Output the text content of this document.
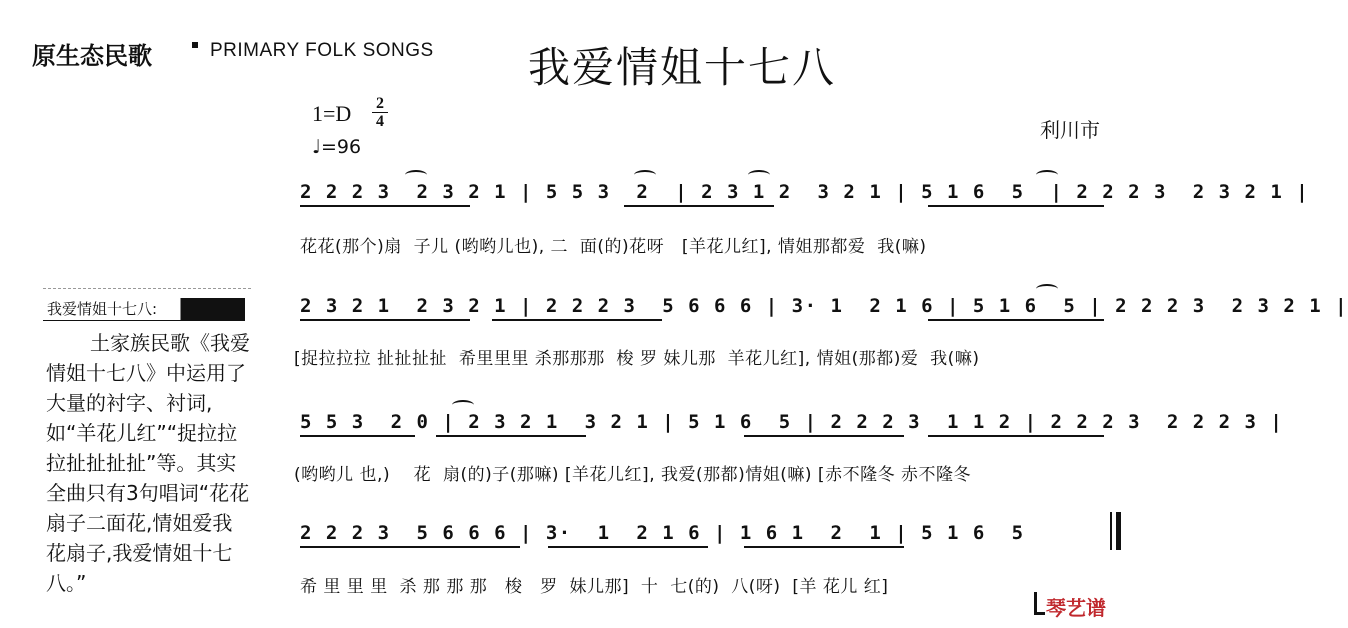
原生态民歌	PRIMARY FOLK SONGS 我爱情姐十七八
1=D 2
4
♩=96
利川市
2 2 2 3  2 3 2 1 | 5 5 3  2  | 2 3 1 2  3 2 1 | 5 1 6  5  | 2 2 2 3  2 3 2 1 |
花花(那个)扇  子儿 (哟哟儿也), 二  面(的)花呀   [羊花儿红], 情姐那都爱  我(嘛)
2 3 2 1  2 3 2 1 | 2 2 2 3  5 6 6 6 | 3· 1  2 1 6 | 5 1 6  5 | 2 2 2 3  2 3 2 1 |
[捉拉拉拉 扯扯扯扯  希里里里 杀那那那  梭 罗 妹儿那  羊花儿红], 情姐(那都)爱  我(嘛)
5 5 3  2 0 | 2 3 2 1  3 2 1 | 5 1 6  5 | 2 2 2 3  1 1 2 | 2 2 2 3  2 2 2 3 |
(哟哟儿 也,)    花  扇(的)子(那嘛) [羊花儿红], 我爱(那都)情姐(嘛) [赤不隆冬 赤不隆冬
2 2 2 3  5 6 6 6 | 3·  1  2 1 6 | 1 6 1  2  1 | 5 1 6  5
希 里 里 里  杀 那 那 那   梭   罗  妹儿那]  十  七(的)  八(呀)  [羊 花儿 红]
我爱情姐十七八:
土家族民歌《我爱情姐十七八》中运用了大量的衬字、衬词,如“羊花儿红”“捉拉拉拉扯扯扯扯”等。其实全曲只有3句唱词“花花扇子二面花,情姐爱我花扇子,我爱情姐十七八。”
琴艺谱
